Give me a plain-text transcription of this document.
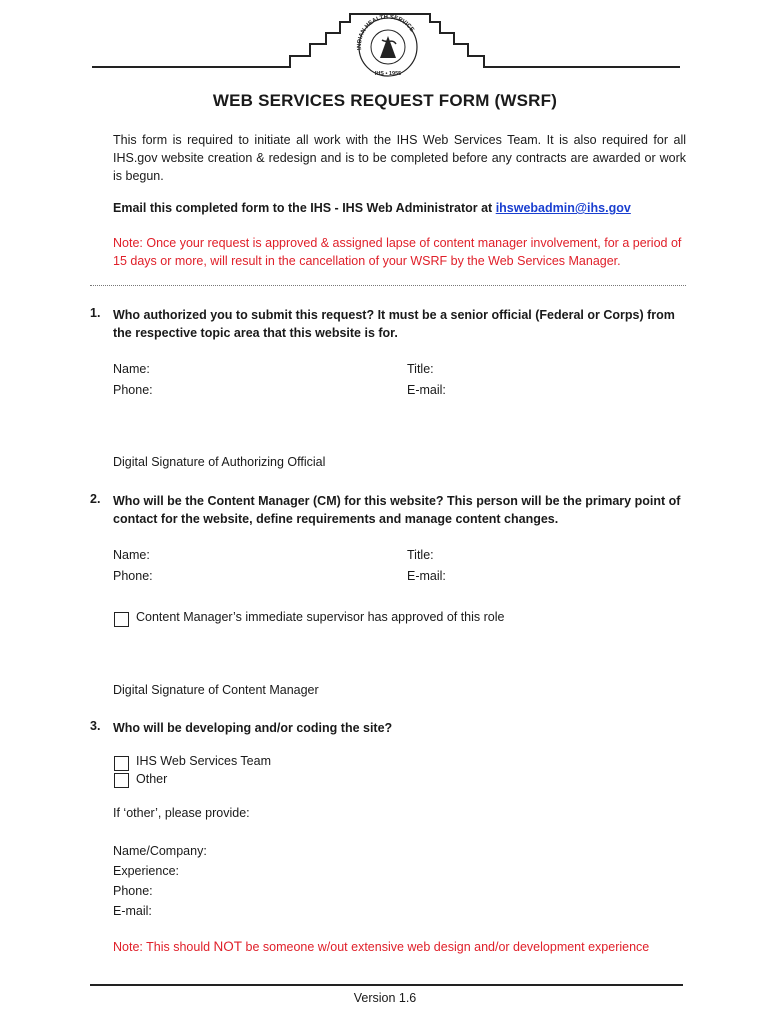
INDIAN HEALTH SERVICE
IHS • 1955
WEB SERVICES REQUEST FORM (WSRF)
This form is required to initiate all work with the IHS Web Services Team. It is also required for all IHS.gov website creation & redesign and is to be completed before any contracts are awarded or work is begun.
Email this completed form to the IHS - IHS Web Administrator at ihswebadmin@ihs.gov
Note: Once your request is approved & assigned lapse of content manager involvement, for a period of 15 days or more, will result in the cancellation of your WSRF by the Web Services Manager.
1. Who authorized you to submit this request? It must be a senior official (Federal or Corps) from the respective topic area that this website is for.
Name:	Title:
Phone:	E-mail:
Digital Signature of Authorizing Official
2. Who will be the Content Manager (CM) for this website? This person will be the primary point of contact for the website, define requirements and manage content changes.
Name:	Title:
Phone:	E-mail:
Content Manager’s immediate supervisor has approved of this role
Digital Signature of Content Manager
3. Who will be developing and/or coding the site?
IHS Web Services Team
Other
If ‘other’, please provide:
Name/Company:
Experience:
Phone:
E-mail:
Note: This should NOT be someone w/out extensive web design and/or development experience
Version 1.6
